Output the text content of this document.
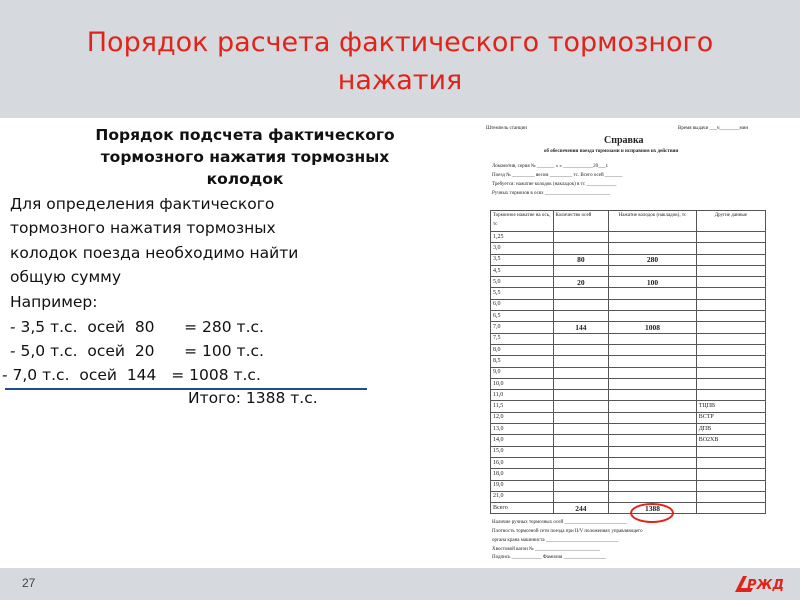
Порядок расчета фактического тормозного
нажатия
Порядок подсчета фактического
тормозного нажатия тормозных
колодок
Для определения фактического
тормозного нажатия тормозных
колодок поезда необходимо найти
общую сумму
Например:
- 3,5 т.с.  осей  80      = 280 т.с.
- 5,0 т.с.  осей  20      = 100 т.с.
- 7,0 т.с.  осей  144   = 1008 т.с.
Итого: 1388 т.с.
Штемпель станции	Время выдачи ___ч________мин
Справка
об обеспечении поезда тормозами и исправном их действии
Локомотив, серия № _______ « » ____________20___г.
Поезд № _________ весом _________ тс. Всего осей _______
Требуется: нажатие колодок (накладок) в тс ____________
Ручных тормозов в осях __________________________
Тормозное нажатие на ось, тс	Количество осей	Нажатие колодок (накладок), тс	Другие данные
1,25			
3,0			
3,5	80	280	
4,5			
5,0	20	100	
5,5			
6,0			
6,5			
7,0	144	1008	
7,5			
8,0			
8,5			
9,0			
10,0			
11,0			
11,5			ТЦПВ
12,0			ВСТР
13,0			ДПВ
14,0			ВО2ХВ
15,0			
16,0			
18,0			
19,0			
21,0			
Всего	244	1388	
Наличие ручных тормозных осей _________________________
Плотность тормозной сети поезда при II/V положениях управляющего
органа крана машиниста _____________________________
Хвостовой вагон № __________________________
Подпись ____________ Фамилия _________________
27	РЖД
